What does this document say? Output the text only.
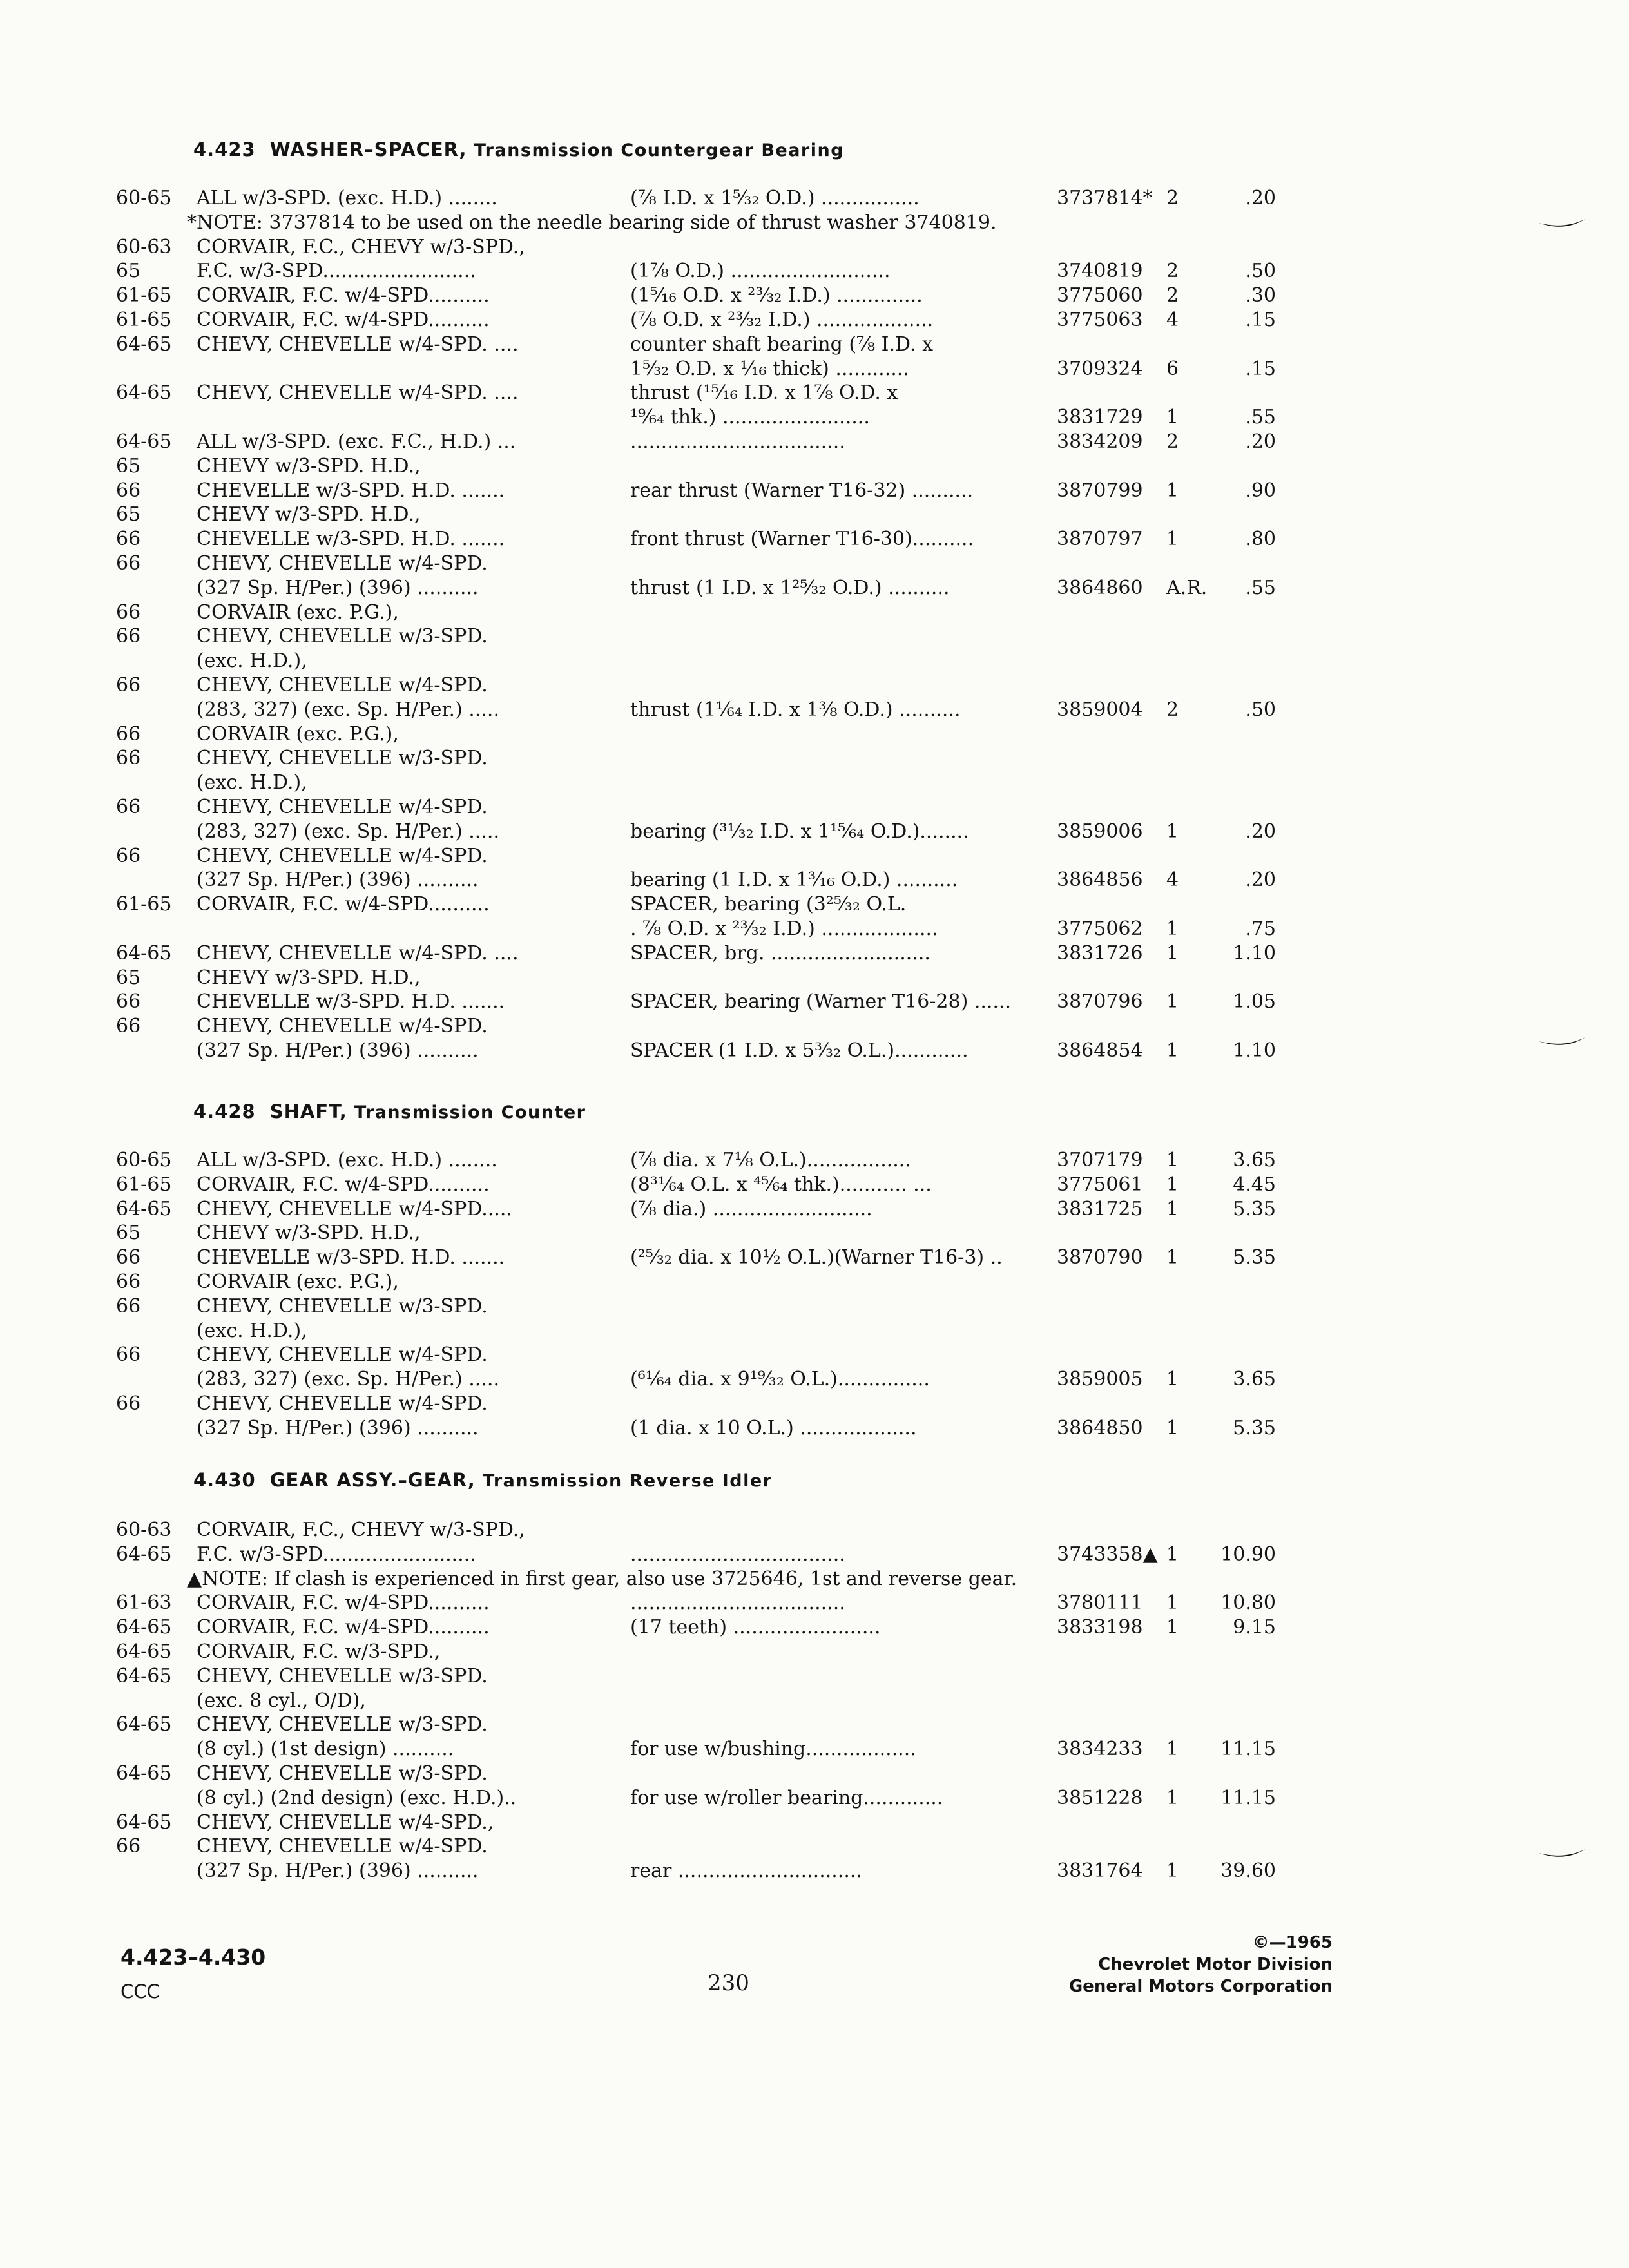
4.423 WASHER–SPACER, Transmission Countergear Bearing
60-65 ALL w/3-SPD. (exc. H.D.) ........	(⅞ I.D. x 1⁵⁄₃₂ O.D.) ................	3737814* 2	.20
*NOTE: 3737814 to be used on the needle bearing side of thrust washer 3740819.
60-63 CORVAIR, F.C., CHEVY w/3-SPD.,
65	F.C. w/3-SPD.........................	(1⅞ O.D.) ..........................	3740819 2	.50
61-65 CORVAIR, F.C. w/4-SPD..........	(1⁵⁄₁₆ O.D. x ²³⁄₃₂ I.D.) ..............	3775060 2	.30
61-65 CORVAIR, F.C. w/4-SPD..........	(⅞ O.D. x ²³⁄₃₂ I.D.) ...................	3775063 4	.15
64-65 CHEVY, CHEVELLE w/4-SPD. ....	counter shaft bearing (⅞ I.D. x
1⁵⁄₃₂ O.D. x ¹⁄₁₆ thick) ............	3709324 6	.15
64-65 CHEVY, CHEVELLE w/4-SPD. ....	thrust (¹⁵⁄₁₆ I.D. x 1⅞ O.D. x
¹⁹⁄₆₄ thk.) ........................	3831729 1	.55
64-65 ALL w/3-SPD. (exc. F.C., H.D.) ...	...................................	3834209 2	.20
65	CHEVY w/3-SPD. H.D.,
66	CHEVELLE w/3-SPD. H.D. .......	rear thrust (Warner T16-32) ..........	3870799 1	.90
65	CHEVY w/3-SPD. H.D.,
66	CHEVELLE w/3-SPD. H.D. .......	front thrust (Warner T16-30)..........	3870797 1	.80
66	CHEVY, CHEVELLE w/4-SPD.
(327 Sp. H/Per.) (396) ..........	thrust (1 I.D. x 1²⁵⁄₃₂ O.D.) ..........	3864860 A.R.	.55
66	CORVAIR (exc. P.G.),
66	CHEVY, CHEVELLE w/3-SPD.
(exc. H.D.),
66	CHEVY, CHEVELLE w/4-SPD.
(283, 327) (exc. Sp. H/Per.) .....	thrust (1¹⁄₆₄ I.D. x 1³⁄₈ O.D.) ..........	3859004 2	.50
66	CORVAIR (exc. P.G.),
66	CHEVY, CHEVELLE w/3-SPD.
(exc. H.D.),
66	CHEVY, CHEVELLE w/4-SPD.
(283, 327) (exc. Sp. H/Per.) .....	bearing (³¹⁄₃₂ I.D. x 1¹⁵⁄₆₄ O.D.)........	3859006 1	.20
66	CHEVY, CHEVELLE w/4-SPD.
(327 Sp. H/Per.) (396) ..........	bearing (1 I.D. x 1³⁄₁₆ O.D.) ..........	3864856 4	.20
61-65 CORVAIR, F.C. w/4-SPD..........	SPACER, bearing (3²⁵⁄₃₂ O.L.
. ⅞ O.D. x ²³⁄₃₂ I.D.) ...................	3775062 1	.75
64-65 CHEVY, CHEVELLE w/4-SPD. ....	SPACER, brg. ..........................	3831726 1	1.10
65	CHEVY w/3-SPD. H.D.,
66	CHEVELLE w/3-SPD. H.D. .......	SPACER, bearing (Warner T16-28) ...... 3870796 1	1.05
66	CHEVY, CHEVELLE w/4-SPD.
(327 Sp. H/Per.) (396) ..........	SPACER (1 I.D. x 5³⁄₃₂ O.L.)............	3864854 1	1.10
4.428 SHAFT, Transmission Counter
60-65 ALL w/3-SPD. (exc. H.D.) ........	(⅞ dia. x 7⅛ O.L.).................	3707179 1	3.65
61-65 CORVAIR, F.C. w/4-SPD..........	(8³¹⁄₆₄ O.L. x ⁴⁵⁄₆₄ thk.)........... ...	3775061 1	4.45
64-65 CHEVY, CHEVELLE w/4-SPD.....	(⅞ dia.) ..........................	3831725 1	5.35
65	CHEVY w/3-SPD. H.D.,
66	CHEVELLE w/3-SPD. H.D. .......	(²⁵⁄₃₂ dia. x 10½ O.L.)(Warner T16-3) ..	3870790 1	5.35
66	CORVAIR (exc. P.G.),
66	CHEVY, CHEVELLE w/3-SPD.
(exc. H.D.),
66	CHEVY, CHEVELLE w/4-SPD.
(283, 327) (exc. Sp. H/Per.) .....	(⁶¹⁄₆₄ dia. x 9¹⁹⁄₃₂ O.L.)...............	3859005 1	3.65
66	CHEVY, CHEVELLE w/4-SPD.
(327 Sp. H/Per.) (396) ..........	(1 dia. x 10 O.L.) ...................	3864850 1	5.35
4.430 GEAR ASSY.–GEAR, Transmission Reverse Idler
60-63 CORVAIR, F.C., CHEVY w/3-SPD.,
64-65 F.C. w/3-SPD.........................	...................................	3743358▲ 1	10.90
▲NOTE: If clash is experienced in first gear, also use 3725646, 1st and reverse gear.
61-63 CORVAIR, F.C. w/4-SPD..........	...................................	3780111 1	10.80
64-65 CORVAIR, F.C. w/4-SPD..........	(17 teeth) ........................	3833198 1	9.15
64-65 CORVAIR, F.C. w/3-SPD.,
64-65 CHEVY, CHEVELLE w/3-SPD.
(exc. 8 cyl., O/D),
64-65 CHEVY, CHEVELLE w/3-SPD.
(8 cyl.) (1st design) ..........	for use w/bushing..................	3834233 1	11.15
64-65 CHEVY, CHEVELLE w/3-SPD.
(8 cyl.) (2nd design) (exc. H.D.)..	for use w/roller bearing.............	3851228 1	11.15
64-65 CHEVY, CHEVELLE w/4-SPD.,
66	CHEVY, CHEVELLE w/4-SPD.
(327 Sp. H/Per.) (396) ..........	rear ..............................	3831764 1	39.60
4.423–4.430
CCC	230
©—1965
Chevrolet Motor Division
General Motors Corporation
